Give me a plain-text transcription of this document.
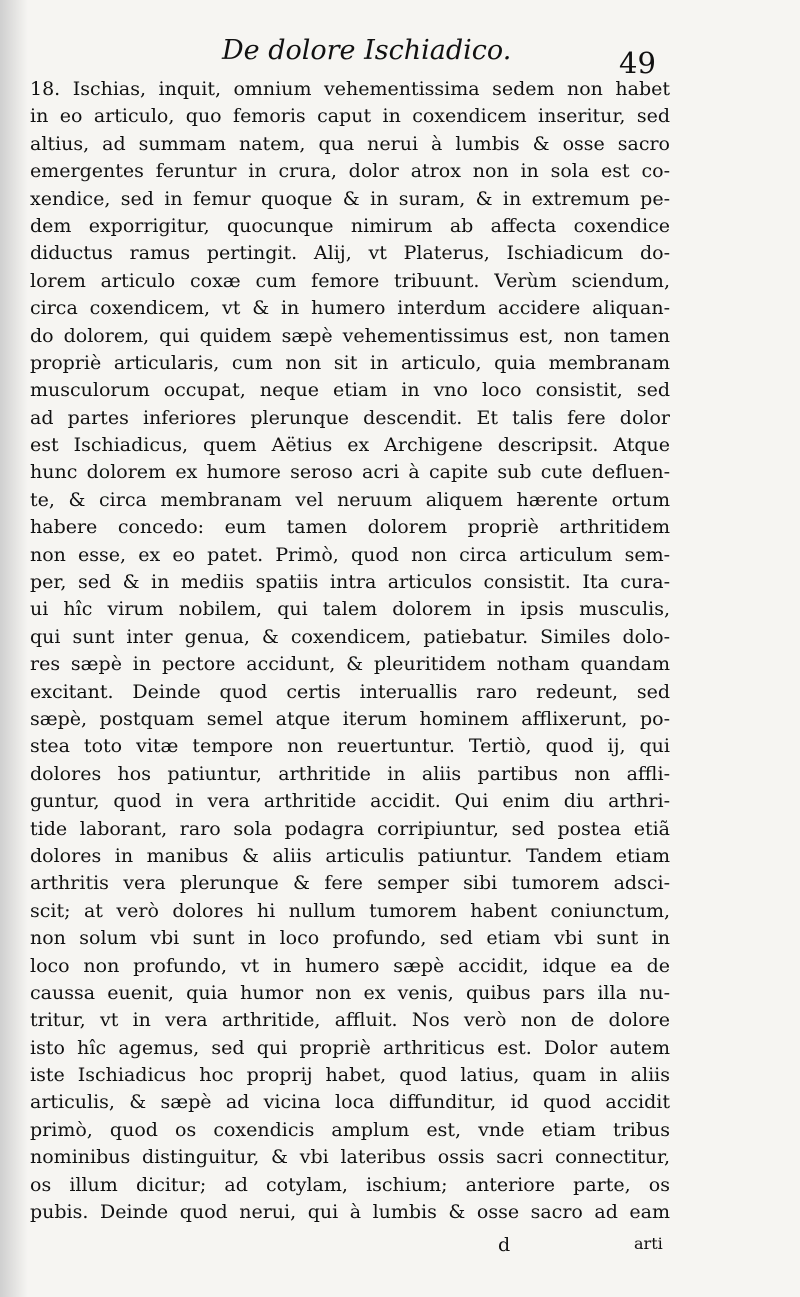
De dolore Ischiadico.	49
18. Ischias, inquit, omnium vehementissima sedem non habet
in eo articulo, quo femoris caput in coxendicem inseritur, sed
altius, ad summam natem, qua nerui à lumbis & osse sacro
emergentes feruntur in crura, dolor atrox non in sola est co-
xendice, sed in femur quoque & in suram, & in extremum pe-
dem exporrigitur, quocunque nimirum ab affecta coxendice
diductus ramus pertingit. Alij, vt Platerus, Ischiadicum do-
lorem articulo coxæ cum femore tribuunt. Verùm sciendum,
circa coxendicem, vt & in humero interdum accidere aliquan-
do dolorem, qui quidem sæpè vehementissimus est, non tamen
propriè articularis, cum non sit in articulo, quia membranam
musculorum occupat, neque etiam in vno loco consistit, sed
ad partes inferiores plerunque descendit. Et talis fere dolor
est Ischiadicus, quem Aëtius ex Archigene descripsit. Atque
hunc dolorem ex humore seroso acri à capite sub cute defluen-
te, & circa membranam vel neruum aliquem hærente ortum
habere concedo: eum tamen dolorem propriè arthritidem
non esse, ex eo patet. Primò, quod non circa articulum sem-
per, sed & in mediis spatiis intra articulos consistit. Ita cura-
ui hîc virum nobilem, qui talem dolorem in ipsis musculis,
qui sunt inter genua, & coxendicem, patiebatur. Similes dolo-
res sæpè in pectore accidunt, & pleuritidem notham quandam
excitant. Deinde quod certis interuallis raro redeunt, sed
sæpè, postquam semel atque iterum hominem afflixerunt, po-
stea toto vitæ tempore non reuertuntur. Tertiò, quod ij, qui
dolores hos patiuntur, arthritide in aliis partibus non affli-
guntur, quod in vera arthritide accidit. Qui enim diu arthri-
tide laborant, raro sola podagra corripiuntur, sed postea etiã
dolores in manibus & aliis articulis patiuntur. Tandem etiam
arthritis vera plerunque & fere semper sibi tumorem adsci-
scit; at verò dolores hi nullum tumorem habent coniunctum,
non solum vbi sunt in loco profundo, sed etiam vbi sunt in
loco non profundo, vt in humero sæpè accidit, idque ea de
caussa euenit, quia humor non ex venis, quibus pars illa nu-
tritur, vt in vera arthritide, affluit. Nos verò non de dolore
isto hîc agemus, sed qui propriè arthriticus est. Dolor autem
iste Ischiadicus hoc proprij habet, quod latius, quam in aliis
articulis, & sæpè ad vicina loca diffunditur, id quod accidit
primò, quod os coxendicis amplum est, vnde etiam tribus
nominibus distinguitur, & vbi lateribus ossis sacri connectitur,
os illum dicitur; ad cotylam, ischium; anteriore parte, os
pubis. Deinde quod nerui, qui à lumbis & osse sacro ad eam
d	arti
